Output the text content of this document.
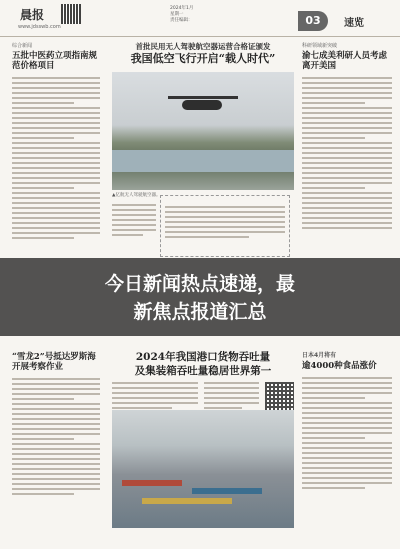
晨报
www.jdsswb.com
2024年1月
星期一
责任编辑：	03	速览
综合新闻
五批中医药立项指南规范价格项目
“雪龙2”号抵达罗斯海开展考察作业
首批民用无人驾驶航空器运营合格证颁发
我国低空飞行开启“载人时代”
▲亿航无人驾驶航空器。
2024年我国港口货物吞吐量
及集装箱吞吐量稳居世界第一
科研领域新突破
渝七成美利研人员考虑离开美国
日本4月将有
逾4000种食品涨价
今日新闻热点速递，最
新焦点报道汇总
